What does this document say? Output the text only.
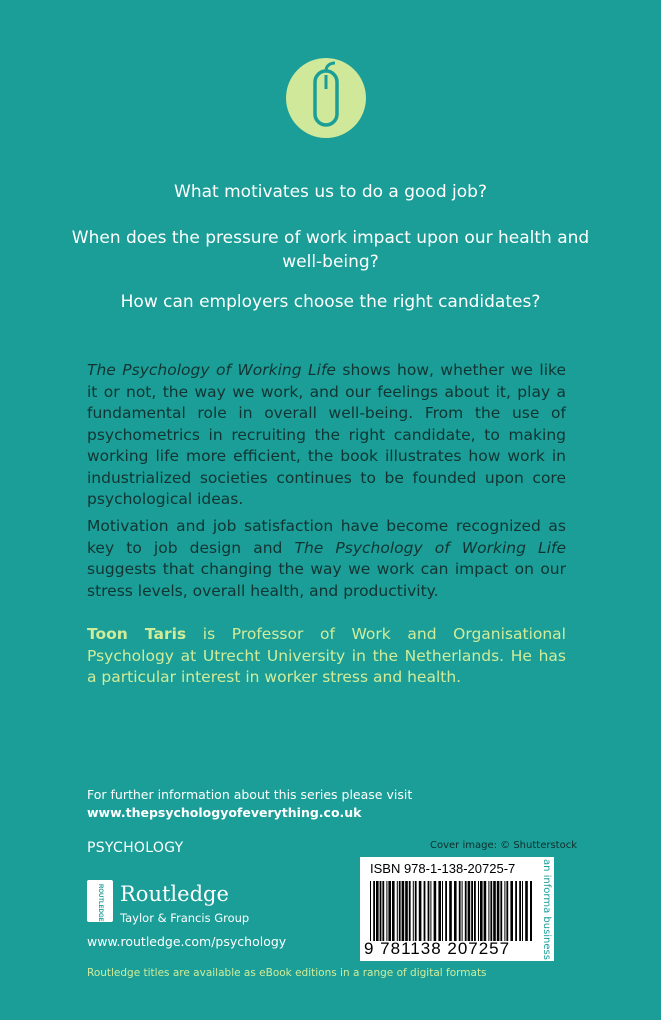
What motivates us to do a good job?
When does the pressure of work impact upon our health and well-being?
How can employers choose the right candidates?
The Psychology of Working Life shows how, whether we like it or not, the way we work, and our feelings about it, play a fundamental role in overall well-being. From the use of psychometrics in recruiting the right candidate, to making working life more efficient, the book illustrates how work in industrialized societies continues to be founded upon core psychological ideas.
Motivation and job satisfaction have become recognized as key to job design and The Psychology of Working Life suggests that changing the way we work can impact on our stress levels, overall health, and productivity.
Toon Taris is Professor of Work and Organisational Psychology at Utrecht University in the Netherlands. He has a particular interest in worker stress and health.
For further information about this series please visit
www.thepsychologyofeverything.co.uk
PSYCHOLOGY	Cover image: © Shutterstock
ROUTLEDGE Routledge
Taylor & Francis Group
www.routledge.com/psychology
ISBN 978-1-138-20725-7
9 781138 207257	an informa business
Routledge titles are available as eBook editions in a range of digital formats
